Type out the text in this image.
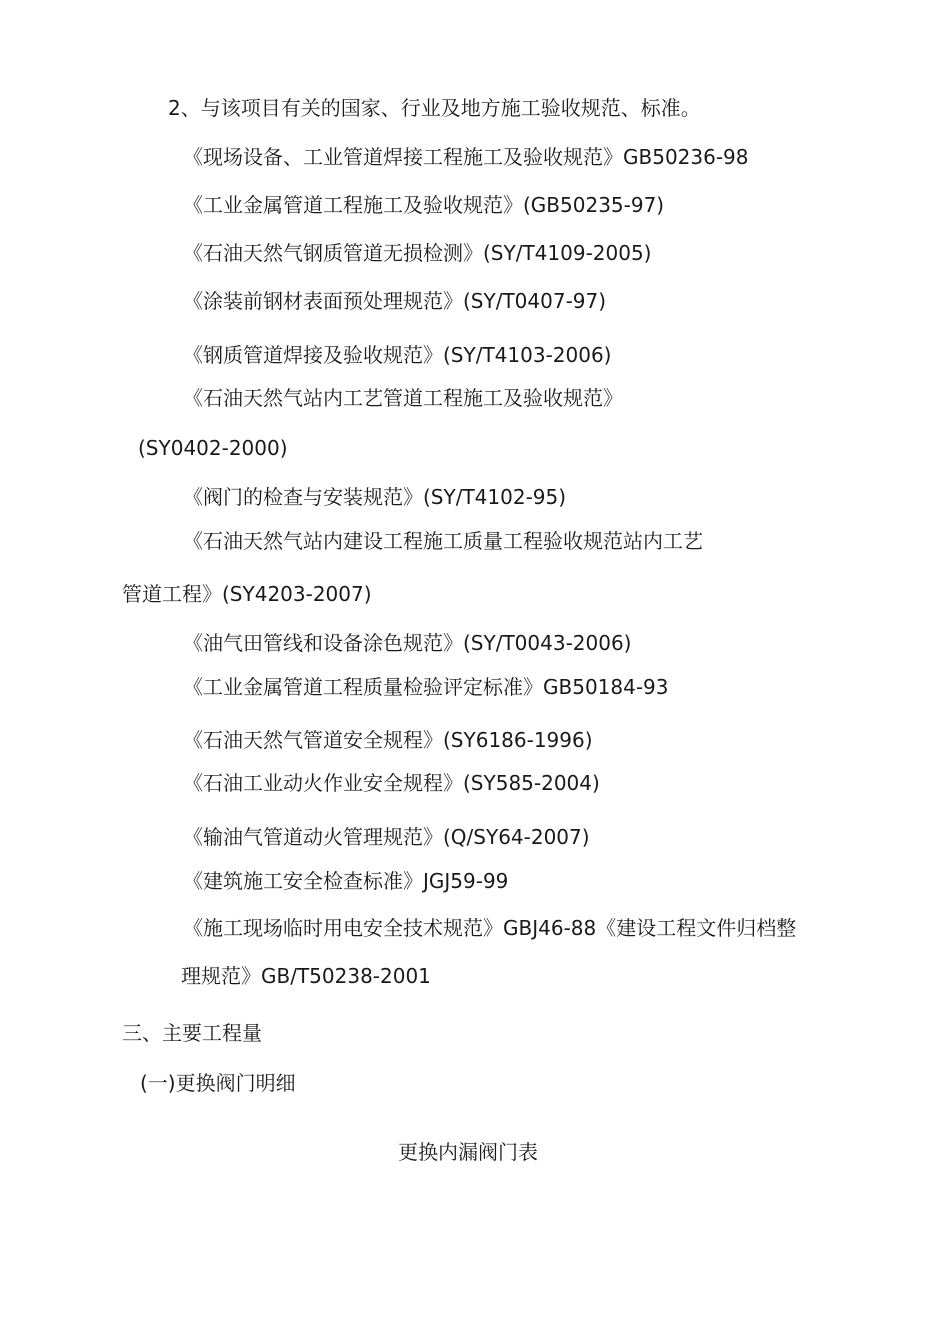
2、与该项目有关的国家、行业及地方施工验收规范、标准。
《现场设备、工业管道焊接工程施工及验收规范》GB50236-98
《工业金属管道工程施工及验收规范》(GB50235-97)
《石油天然气钢质管道无损检测》(SY/T4109-2005)
《涂装前钢材表面预处理规范》(SY/T0407-97)
《钢质管道焊接及验收规范》(SY/T4103-2006)
《石油天然气站内工艺管道工程施工及验收规范》
(SY0402-2000)
《阀门的检查与安装规范》(SY/T4102-95)
《石油天然气站内建设工程施工质量工程验收规范站内工艺
管道工程》(SY4203-2007)
《油气田管线和设备涂色规范》(SY/T0043-2006)
《工业金属管道工程质量检验评定标准》GB50184-93
《石油天然气管道安全规程》(SY6186-1996)
《石油工业动火作业安全规程》(SY585-2004)
《输油气管道动火管理规范》(Q/SY64-2007)
《建筑施工安全检查标准》JGJ59-99
《施工现场临时用电安全技术规范》GBJ46-88《建设工程文件归档整
理规范》GB/T50238-2001
三、主要工程量
(一)更换阀门明细
更换内漏阀门表
